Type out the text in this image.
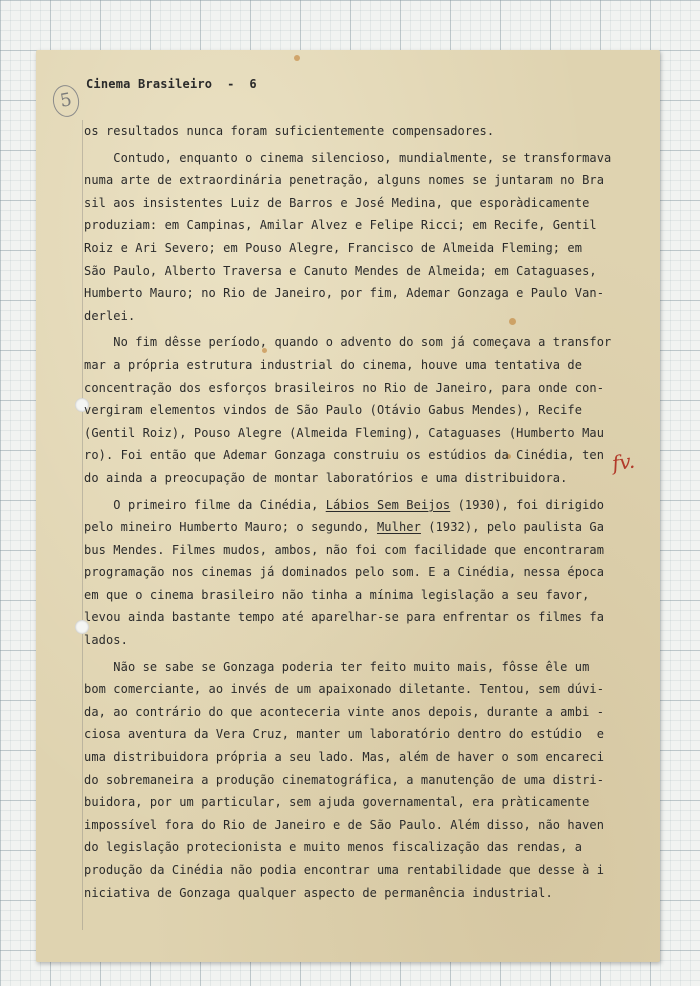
5
Cinema Brasileiro  -  6
os resultados nunca foram suficientemente compensadores.
Contudo, enquanto o cinema silencioso, mundialmente, se transformava
numa arte de extraordinária penetração, alguns nomes se juntaram no Bra
sil aos insistentes Luiz de Barros e José Medina, que esporàdicamente
produziam: em Campinas, Amilar Alvez e Felipe Ricci; em Recife, Gentil
Roiz e Ari Severo; em Pouso Alegre, Francisco de Almeida Fleming; em
São Paulo, Alberto Traversa e Canuto Mendes de Almeida; em Cataguases,
Humberto Mauro; no Rio de Janeiro, por fim, Ademar Gonzaga e Paulo Van-
derlei.
No fim dêsse período, quando o advento do som já começava a transfor
mar a própria estrutura industrial do cinema, houve uma tentativa de
concentração dos esforços brasileiros no Rio de Janeiro, para onde con-
vergiram elementos vindos de São Paulo (Otávio Gabus Mendes), Recife
(Gentil Roiz), Pouso Alegre (Almeida Fleming), Cataguases (Humberto Mau
ro). Foi então que Ademar Gonzaga construiu os estúdios da Cinédia, ten
do ainda a preocupação de montar laboratórios e uma distribuidora.
O primeiro filme da Cinédia, Lábios Sem Beijos (1930), foi dirigido
pelo mineiro Humberto Mauro; o segundo, Mulher (1932), pelo paulista Ga
bus Mendes. Filmes mudos, ambos, não foi com facilidade que encontraram
programação nos cinemas já dominados pelo som. E a Cinédia, nessa época
em que o cinema brasileiro não tinha a mínima legislação a seu favor,
levou ainda bastante tempo até aparelhar-se para enfrentar os filmes fa
lados.
Não se sabe se Gonzaga poderia ter feito muito mais, fôsse êle um
bom comerciante, ao invés de um apaixonado diletante. Tentou, sem dúvi-
da, ao contrário do que aconteceria vinte anos depois, durante a ambi -
ciosa aventura da Vera Cruz, manter um laboratório dentro do estúdio  e
uma distribuidora própria a seu lado. Mas, além de haver o som encareci
do sobremaneira a produção cinematográfica, a manutenção de uma distri-
buidora, por um particular, sem ajuda governamental, era pràticamente
impossível fora do Rio de Janeiro e de São Paulo. Além disso, não haven
do legislação protecionista e muito menos fiscalização das rendas, a
produção da Cinédia não podia encontrar uma rentabilidade que desse à i
niciativa de Gonzaga qualquer aspecto de permanência industrial.
fv.
